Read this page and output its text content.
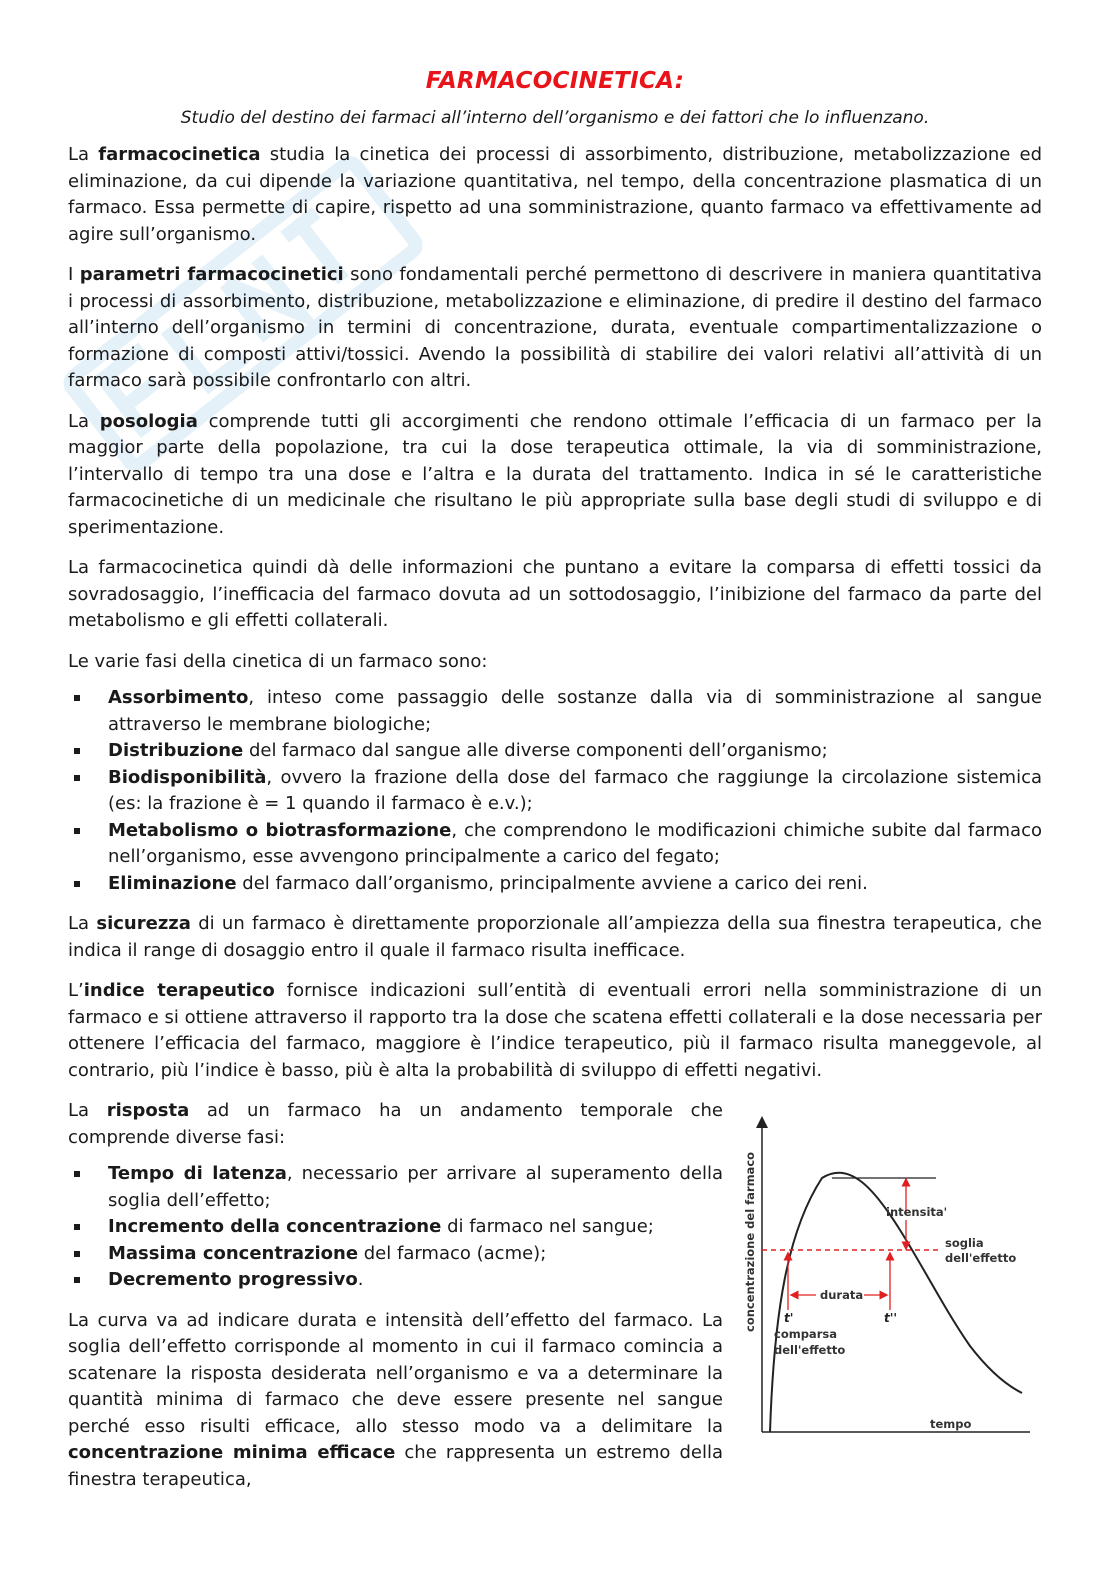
FARMACOCINETICA:
Studio del destino dei farmaci all’interno dell’organismo e dei fattori che lo influenzano.

La farmacocinetica studia la cinetica dei processi di assorbimento, distribuzione, metabolizzazione ed eliminazione, da cui dipende la variazione quantitativa, nel tempo, della concentrazione plasmatica di un farmaco. Essa permette di capire, rispetto ad una somministrazione, quanto farmaco va effettivamente ad agire sull’organismo.

I parametri farmacocinetici sono fondamentali perché permettono di descrivere in maniera quantitativa i processi di assorbimento, distribuzione, metabolizzazione e eliminazione, di predire il destino del farmaco all’interno dell’organismo in termini di concentrazione, durata, eventuale compartimentalizzazione o formazione di composti attivi/tossici. Avendo la possibilità di stabilire dei valori relativi all’attività di un farmaco sarà possibile confrontarlo con altri.

La posologia comprende tutti gli accorgimenti che rendono ottimale l’efficacia di un farmaco per la maggior parte della popolazione, tra cui la dose terapeutica ottimale, la via di somministrazione, l’intervallo di tempo tra una dose e l’altra e la durata del trattamento. Indica in sé le caratteristiche farmacocinetiche di un medicinale che risultano le più appropriate sulla base degli studi di sviluppo e di sperimentazione.

La farmacocinetica quindi dà delle informazioni che puntano a evitare la comparsa di effetti tossici da sovradosaggio, l’inefficacia del farmaco dovuta ad un sottodosaggio, l’inibizione del farmaco da parte del metabolismo e gli effetti collaterali.

Le varie fasi della cinetica di un farmaco sono:

Assorbimento, inteso come passaggio delle sostanze dalla via di somministrazione al sangue attraverso le membrane biologiche;
Distribuzione del farmaco dal sangue alle diverse componenti dell’organismo;
Biodisponibilità, ovvero la frazione della dose del farmaco che raggiunge la circolazione sistemica (es: la frazione è = 1 quando il farmaco è e.v.);
Metabolismo o biotrasformazione, che comprendono le modificazioni chimiche subite dal farmaco nell’organismo, esse avvengono principalmente a carico del fegato;
Eliminazione del farmaco dall’organismo, principalmente avviene a carico dei reni.

La sicurezza di un farmaco è direttamente proporzionale all’ampiezza della sua finestra terapeutica, che indica il range di dosaggio entro il quale il farmaco risulta inefficace.

L’indice terapeutico fornisce indicazioni sull’entità di eventuali errori nella somministrazione di un farmaco e si ottiene attraverso il rapporto tra la dose che scatena effetti collaterali e la dose necessaria per ottenere l’efficacia del farmaco, maggiore è l’indice terapeutico, più il farmaco risulta maneggevole, al contrario, più l’indice è basso, più è alta la probabilità di sviluppo di effetti negativi.

La risposta ad un farmaco ha un andamento temporale che comprende diverse fasi:

Tempo di latenza, necessario per arrivare al superamento della soglia dell’effetto;
Incremento della concentrazione di farmaco nel sangue;
Massima concentrazione del farmaco (acme);
Decremento progressivo.

La curva va ad indicare durata e intensità dell’effetto del farmaco. La soglia dell’effetto corrisponde al momento in cui il farmaco comincia a scatenare la risposta desiderata nell’organismo e va a determinare la quantità minima di farmaco che deve essere presente nel sangue perché esso risulti efficace, allo stesso modo va a delimitare la concentrazione minima efficace che rappresenta un estremo della finestra terapeutica,

intensita'
soglia
dell'effetto
durata
t'	t''
comparsa
dell'effetto
tempo
concentrazione del farmaco
